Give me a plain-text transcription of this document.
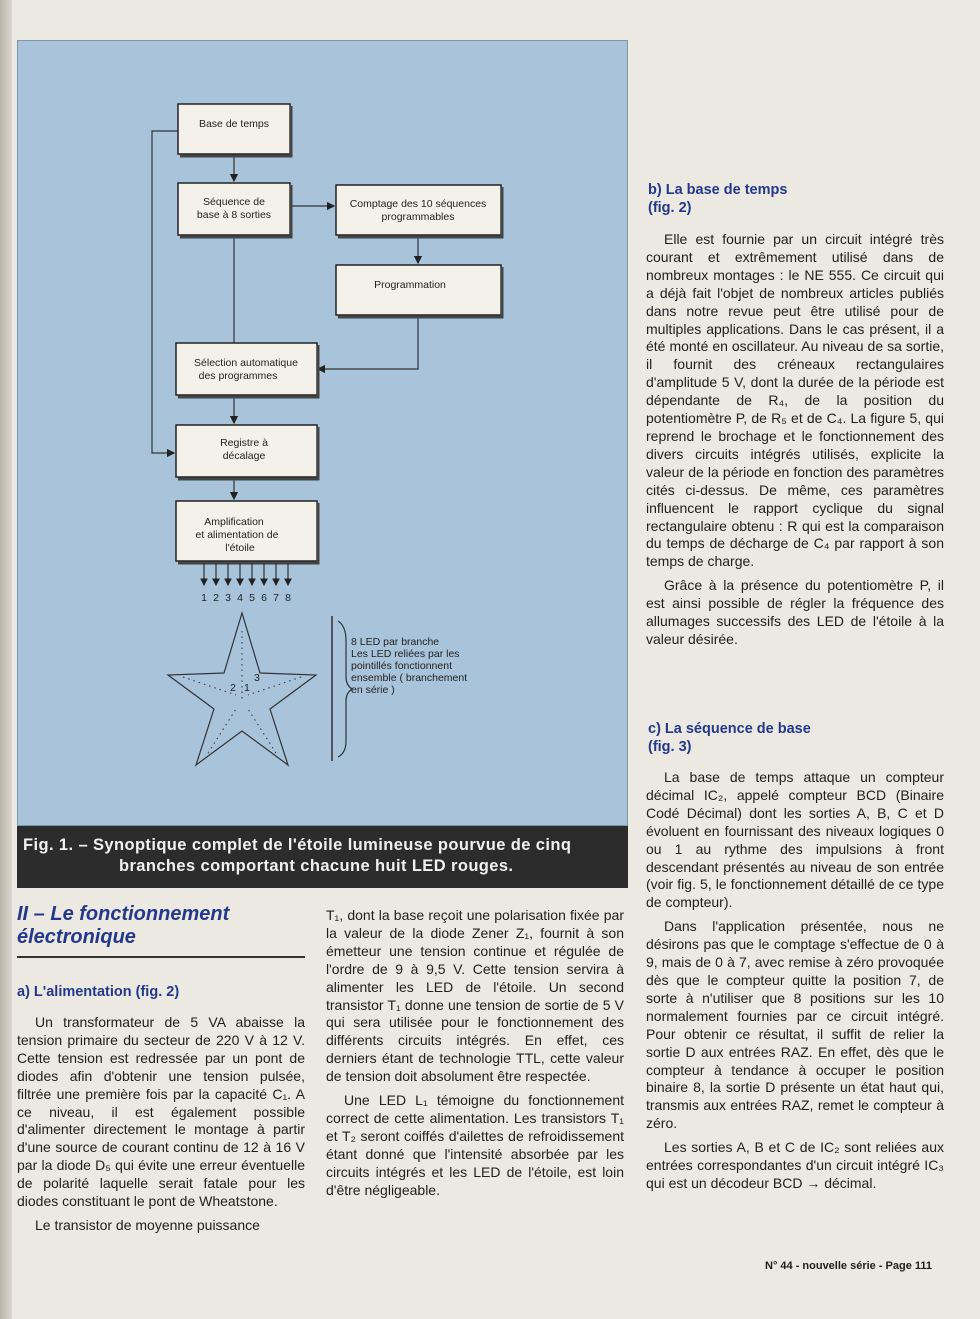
Base de temps
Séquence de
base à 8 sorties
Comptage des 10 séquences
programmables
Programmation
Sélection automatique
des programmes
Registre à
décalage
Amplification
et alimentation de
l'étoile
1 2 3 4 5 6 7 8
3
2 1
8 LED par branche
Les LED reliées par les
pointillés fonctionnent
ensemble ( branchement
en série )
Fig. 1. – Synoptique complet de l'étoile lumineuse pourvue de cinq
branches comportant chacune huit LED rouges.
II – Le fonctionnement électronique
a) L'alimentation (fig. 2)

Un transformateur de 5 VA abaisse la tension primaire du secteur de 220 V à 12 V. Cette tension est redressée par un pont de diodes afin d'obtenir une tension pulsée, filtrée une première fois par la capacité C₁. A ce niveau, il est également possible d'alimenter directement le montage à partir d'une source de courant continu de 12 à 16 V par la diode D₅ qui évite une erreur éventuelle de polarité laquelle serait fatale pour les diodes constituant le pont de Wheatstone.

Le transistor de moyenne puissance

T₁, dont la base reçoit une polarisation fixée par la valeur de la diode Zener Z₁, fournit à son émetteur une tension continue et régulée de l'ordre de 9 à 9,5 V. Cette tension servira à alimenter les LED de l'étoile. Un second transistor T₁ donne une tension de sortie de 5 V qui sera utilisée pour le fonctionnement des différents circuits intégrés. En effet, ces derniers étant de technologie TTL, cette valeur de tension doit absolument être respectée.

Une LED L₁ témoigne du fonctionnement correct de cette alimentation. Les transistors T₁ et T₂ seront coiffés d'ailettes de refroidissement étant donné que l'intensité absorbée par les circuits intégrés et les LED de l'étoile, est loin d'être négligeable.

b) La base de temps
(fig. 2)

Elle est fournie par un circuit intégré très courant et extrêmement utilisé dans de nombreux montages : le NE 555. Ce circuit qui a déjà fait l'objet de nombreux articles publiés dans notre revue peut être utilisé pour de multiples applications. Dans le cas présent, il a été monté en oscillateur. Au niveau de sa sortie, il fournit des créneaux rectangulaires d'amplitude 5 V, dont la durée de la période est dépendante de R₄, de la position du potentiomètre P, de R₅ et de C₄. La figure 5, qui reprend le brochage et le fonctionnement des divers circuits intégrés utilisés, explicite la valeur de la période en fonction des paramètres cités ci-dessus. De même, ces paramètres influencent le rapport cyclique du signal rectangulaire obtenu : R qui est la comparaison du temps de décharge de C₄ par rapport à son temps de charge.

Grâce à la présence du potentiomètre P, il est ainsi possible de régler la fréquence des allumages successifs des LED de l'étoile à la valeur désirée.

c) La séquence de base
(fig. 3)

La base de temps attaque un compteur décimal IC₂, appelé compteur BCD (Binaire Codé Décimal) dont les sorties A, B, C et D évoluent en fournissant des niveaux logiques 0 ou 1 au rythme des impulsions à front descendant présentés au niveau de son entrée (voir fig. 5, le fonctionnement détaillé de ce type de compteur).

Dans l'application présentée, nous ne désirons pas que le comptage s'effectue de 0 à 9, mais de 0 à 7, avec remise à zéro provoquée dès que le compteur quitte la position 7, de sorte à n'utiliser que 8 positions sur les 10 normalement fournies par ce circuit intégré. Pour obtenir ce résultat, il suffit de relier la sortie D aux entrées RAZ. En effet, dès que le compteur à tendance à occuper le position binaire 8, la sortie D présente un état haut qui, transmis aux entrées RAZ, remet le compteur à zéro.

Les sorties A, B et C de IC₂ sont reliées aux entrées correspondantes d'un circuit intégré IC₃ qui est un décodeur BCD → décimal.

N° 44 - nouvelle série - Page 111
